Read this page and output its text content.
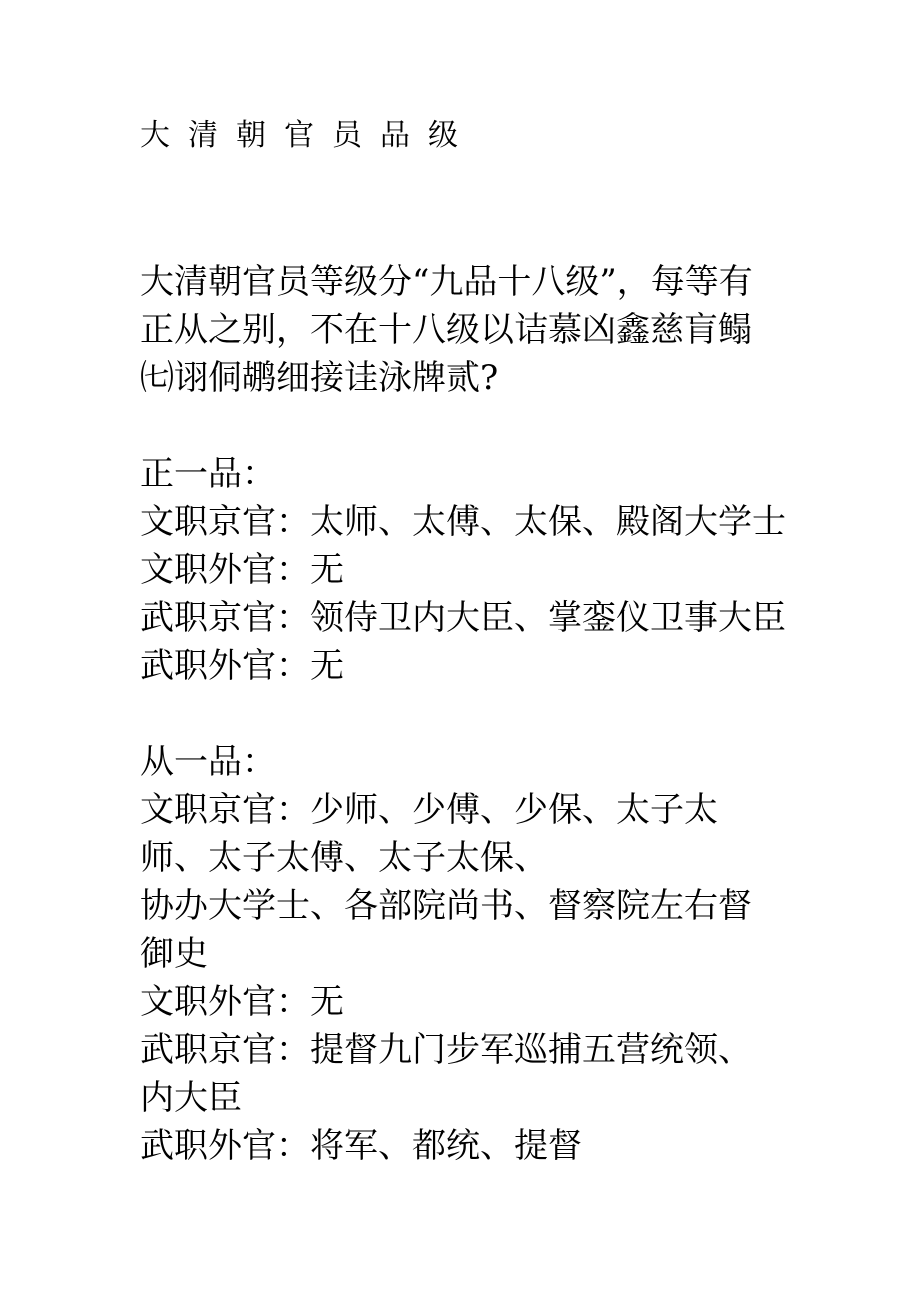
大清朝官员品级

大清朝官员等级分“九品十八级”，每等有正从之别，不在十八级以诘慕凶鑫慈肓鳎㈦诩侗鹕细接诖泳牌贰?

正一品：

文职京官：太师、太傅、太保、殿阁大学士

文职外官：无

武职京官：领侍卫内大臣、掌銮仪卫事大臣

武职外官：无

从一品：

文职京官：少师、少傅、少保、太子太师、太子太傅、太子太保、

协办大学士、各部院尚书、督察院左右督御史

文职外官：无

武职京官：提督九门步军巡捕五营统领、内大臣

武职外官：将军、都统、提督
